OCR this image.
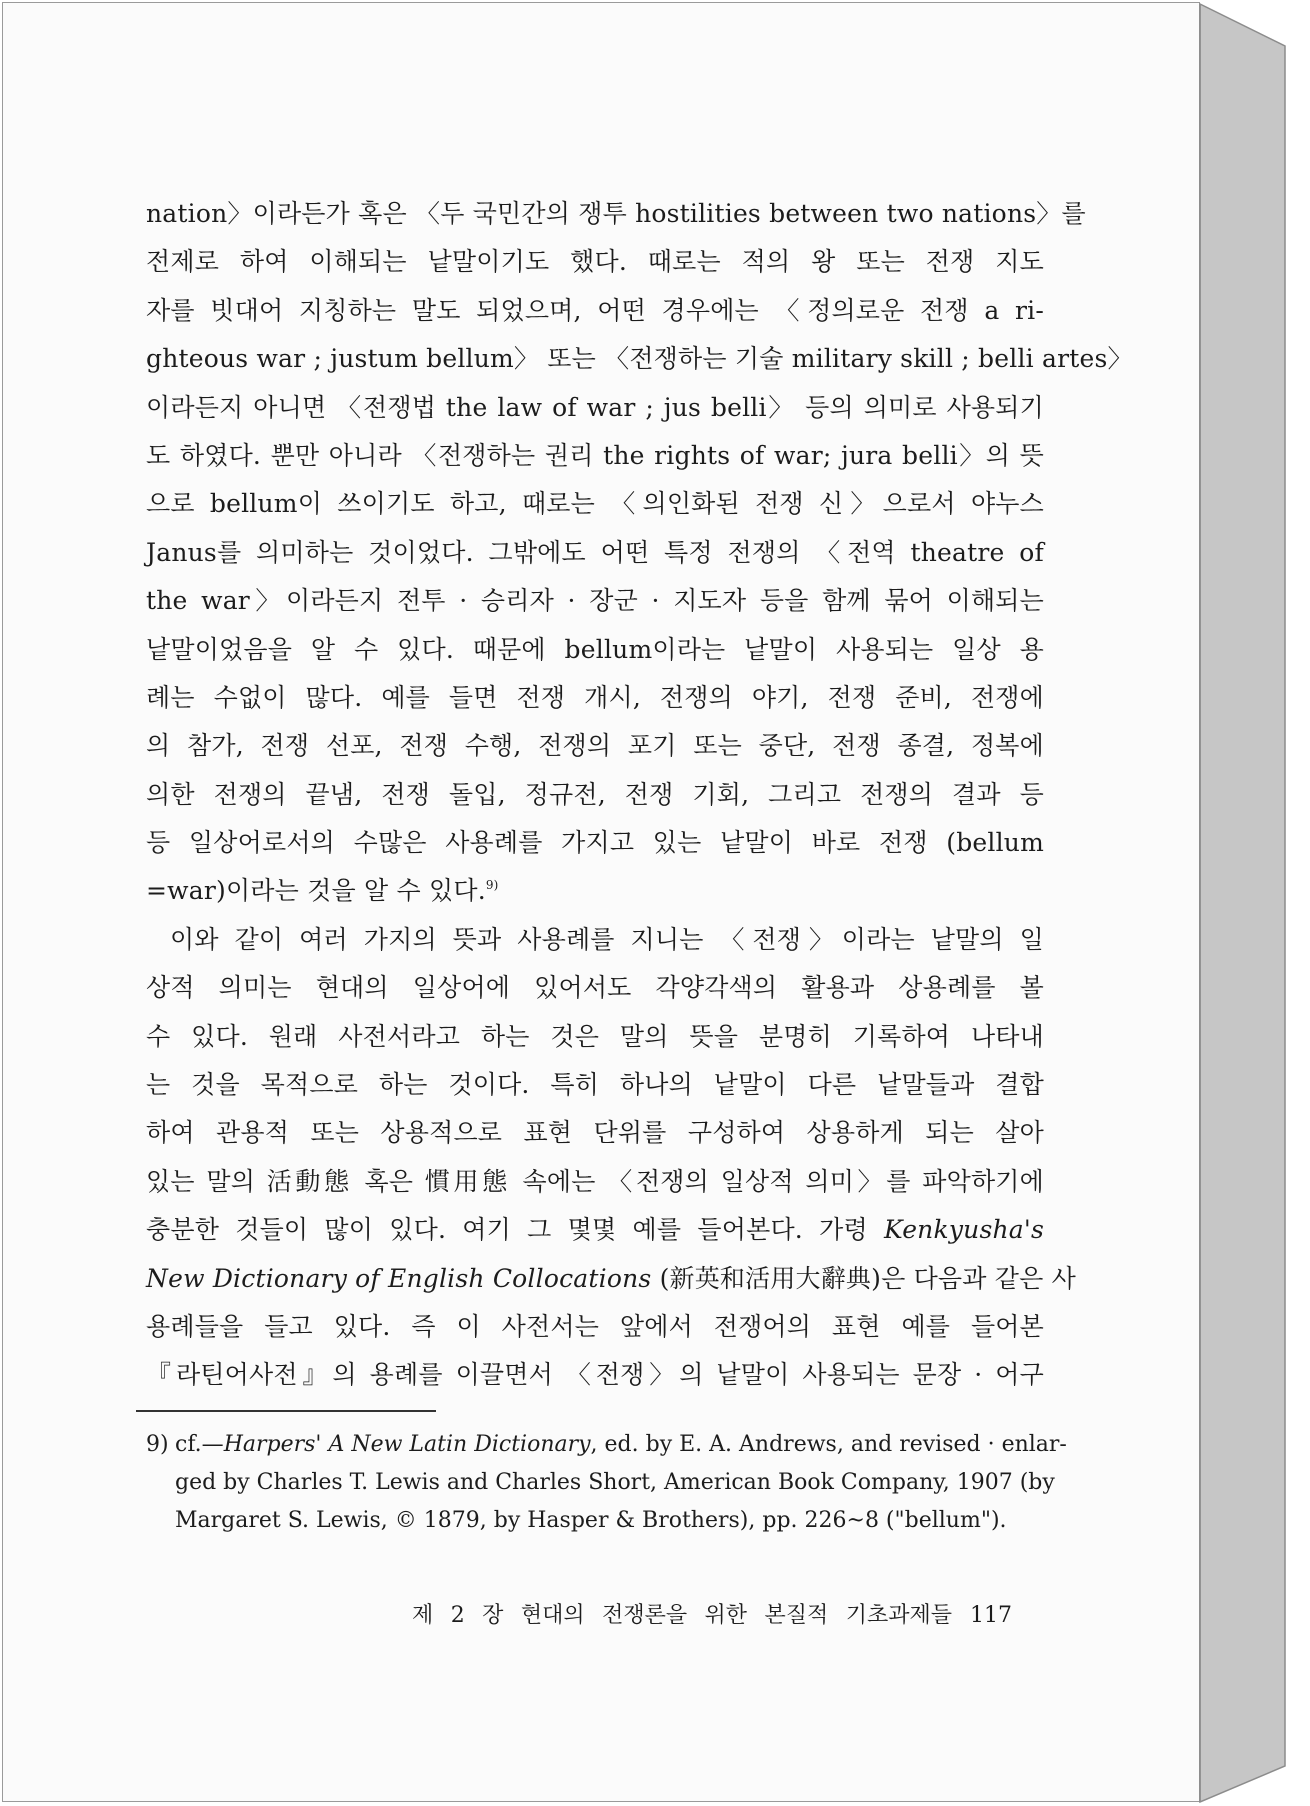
nation〉이라든가 혹은 〈두 국민간의 쟁투 hostilities between two nations〉를
전제로 하여 이해되는 낱말이기도 했다. 때로는 적의 왕 또는 전쟁 지도
자를 빗대어 지칭하는 말도 되었으며, 어떤 경우에는 〈정의로운 전쟁 a ri-
ghteous war ; justum bellum〉 또는 〈전쟁하는 기술 military skill ; belli artes〉
이라든지 아니면 〈전쟁법 the law of war ; jus belli〉 등의 의미로 사용되기
도 하였다. 뿐만 아니라 〈전쟁하는 권리 the rights of war; jura belli〉의 뜻
으로 bellum이 쓰이기도 하고, 때로는 〈의인화된 전쟁 신〉으로서 야누스
Janus를 의미하는 것이었다. 그밖에도 어떤 특정 전쟁의 〈전역 theatre of
the war〉이라든지 전투 · 승리자 · 장군 · 지도자 등을 함께 묶어 이해되는
낱말이었음을 알 수 있다. 때문에 bellum이라는 낱말이 사용되는 일상 용
례는 수없이 많다. 예를 들면 전쟁 개시, 전쟁의 야기, 전쟁 준비, 전쟁에
의 참가, 전쟁 선포, 전쟁 수행, 전쟁의 포기 또는 중단, 전쟁 종결, 정복에
의한 전쟁의 끝냄, 전쟁 돌입, 정규전, 전쟁 기회, 그리고 전쟁의 결과 등
등 일상어로서의 수많은 사용례를 가지고 있는 낱말이 바로 전쟁 (bellum
=war)이라는 것을 알 수 있다.$^{9)}$
이와 같이 여러 가지의 뜻과 사용례를 지니는 〈전쟁〉이라는 낱말의 일
상적 의미는 현대의 일상어에 있어서도 각양각색의 활용과 상용례를 볼
수 있다. 원래 사전서라고 하는 것은 말의 뜻을 분명히 기록하여 나타내
는 것을 목적으로 하는 것이다. 특히 하나의 낱말이 다른 낱말들과 결합
하여 관용적 또는 상용적으로 표현 단위를 구성하여 상용하게 되는 살아
있는 말의 活動態 혹은 慣用態 속에는 〈전쟁의 일상적 의미〉를 파악하기에
충분한 것들이 많이 있다. 여기 그 몇몇 예를 들어본다. 가령 Kenkyusha's
New Dictionary of English Collocations (新英和活用大辭典)은 다음과 같은 사
용례들을 들고 있다. 즉 이 사전서는 앞에서 전쟁어의 표현 예를 들어본
『라틴어사전』의 용례를 이끌면서 〈전쟁〉의 낱말이 사용되는 문장 · 어구
9) cf.—Harpers' A New Latin Dictionary, ed. by E. A. Andrews, and revised · enlar-
ged by Charles T. Lewis and Charles Short, American Book Company, 1907 (by
Margaret S. Lewis, © 1879, by Hasper & Brothers), pp. 226~8 ("bellum").
제 2 장 현대의 전쟁론을 위한 본질적 기초과제들 117
